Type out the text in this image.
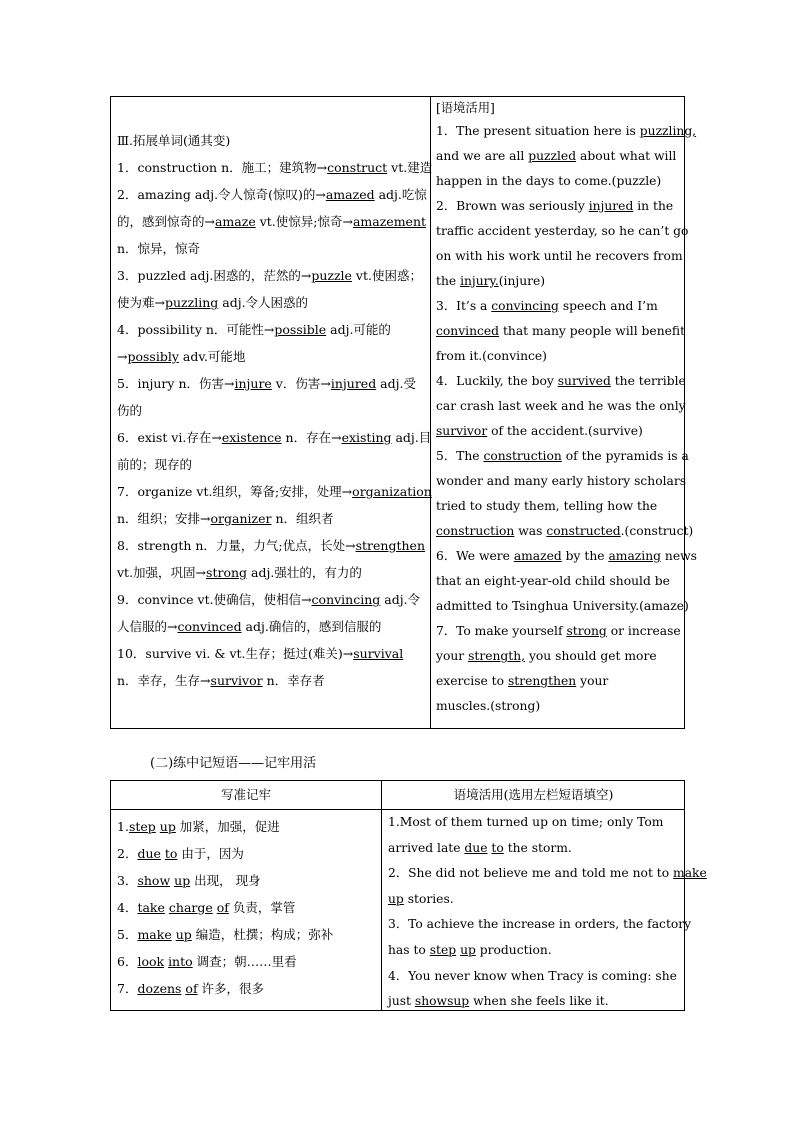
Ⅲ.拓展单词(通其变)
1．construction n．施工；建筑物→construct vt.建造
2．amazing adj.令人惊奇(惊叹)的→amazed adj.吃惊
的，感到惊奇的→amaze vt.使惊异;惊奇→amazement
n．惊异，惊奇
3．puzzled adj.困惑的，茫然的→puzzle vt.使困惑；
使为难→puzzling adj.令人困惑的
4．possibility n．可能性→possible adj.可能的
→possibly adv.可能地
5．injury n．伤害→injure v．伤害→injured adj.受
伤的
6．exist vi.存在→existence n．存在→existing adj.目
前的；现存的
7．organize vt.组织，筹备;安排，处理→organization
n．组织；安排→organizer n．组织者
8．strength n．力量，力气;优点，长处→strengthen
vt.加强，巩固→strong adj.强壮的，有力的
9．convince vt.使确信，使相信→convincing adj.令
人信服的→convinced adj.确信的，感到信服的
10．survive vi. & vt.生存；挺过(难关)→survival
n．幸存，生存→survivor n．幸存者
[语境活用]
1．The present situation here is puzzling,
and we are all puzzled about what will
happen in the days to come.(puzzle)
2．Brown was seriously injured in the
traffic accident yesterday, so he can’t go
on with his work until he recovers from
the injury.(injure)
3．It’s a convincing speech and I’m
convinced that many people will benefit
from it.(convince)
4．Luckily, the boy survived the terrible
car crash last week and he was the only
survivor of the accident.(survive)
5．The construction of the pyramids is a
wonder and many early history scholars
tried to study them, telling how the
construction was constructed.(construct)
6．We were amazed by the amazing news
that an eight-year-old child should be
admitted to Tsinghua University.(amaze)
7．To make yourself strong or increase
your strength, you should get more
exercise to strengthen your
muscles.(strong)
(二)练中记短语——记牢用活
写准记牢	语境活用(选用左栏短语填空)
1.step up 加紧，加强，促进
2．due to 由于，因为
3．show up 出现， 现身
4．take charge of 负责，掌管
5．make up 编造，杜撰；构成；弥补
6．look into 调查；朝……里看
7．dozens of 许多，很多
1.Most of them turned up on time; only Tom
arrived late due to the storm.
2．She did not believe me and told me not to make
up stories.
3．To achieve the increase in orders, the factory
has to step up production.
4．You never know when Tracy is coming: she
just showsup when she feels like it.
